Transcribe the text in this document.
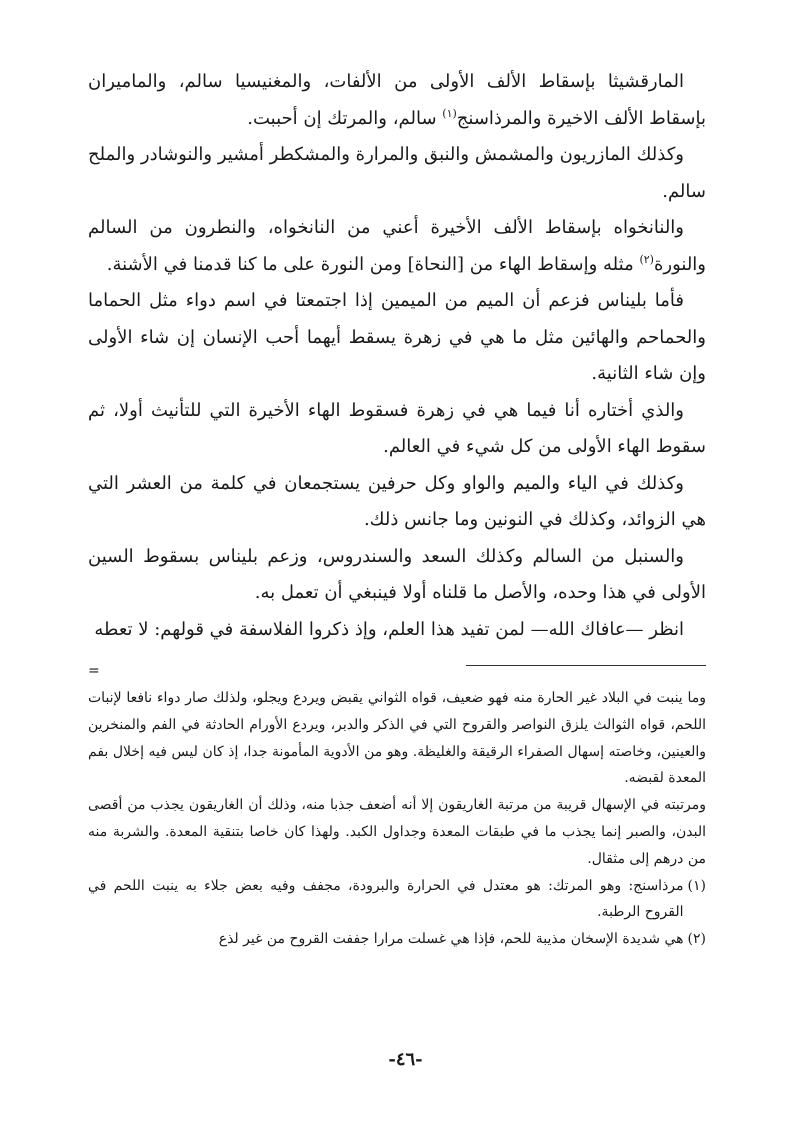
المارقشيثا بإسقاط الألف الأولى من الألفات، والمغنيسيا سالم، والماميران بإسقاط الألف الاخيرة والمرذاسنج$^{(١)}$ سالم، والمرتك إن أحببت.

وكذلك المازريون والمشمش والنبق والمرارة والمشكطر أمشير والنوشادر والملح سالم.

والنانخواه بإسقاط الألف الأخيرة أعني من النانخواه، والنطرون من السالم والنورة$^{(٢)}$ مثله وإسقاط الهاء من [النحاة] ومن النورة على ما كنا قدمنا في الأشنة.

فأما بليناس فزعم أن الميم من الميمين إذا اجتمعتا في اسم دواء مثل الحماما والحماحم والهائين مثل ما هي في زهرة يسقط أيهما أحب الإنسان إن شاء الأولى وإن شاء الثانية.

والذي أختاره أنا فيما هي في زهرة فسقوط الهاء الأخيرة التي للتأنيث أولا، ثم سقوط الهاء الأولى من كل شيء في العالم.

وكذلك في الياء والميم والواو وكل حرفين يستجمعان في كلمة من العشر التي هي الزوائد، وكذلك في النونين وما جانس ذلك.

والسنبل من السالم وكذلك السعد والسندروس، وزعم بليناس بسقوط السين الأولى في هذا وحده، والأصل ما قلناه أولا فينبغي أن تعمل به.

انظر —عافاك الله— لمن تفيد هذا العلم، وإذ ذكروا الفلاسفة في قولهم: لا تعطه

=

وما ينبت في البلاد غير الحارة منه فهو ضعيف، قواه الثواني يقبض ويردع ويجلو، ولذلك صار دواء نافعا لإنبات اللحم، قواه الثوالث يلزق النواصر والقروح التي في الذكر والدبر، ويردع الأورام الحادثة في الفم والمنخرين والعينين، وخاصته إسهال الصفراء الرقيقة والغليظة. وهو من الأدوية المأمونة جدا، إذ كان ليس فيه إخلال بفم المعدة لقبضه.

ومرتبته في الإسهال قريبة من مرتبة الغاريقون إلا أنه أضعف جذبا منه، وذلك أن الغاريقون يجذب من أقصى البدن، والصبر إنما يجذب ما في طبقات المعدة وجداول الكبد. ولهذا كان خاصا بتنقية المعدة. والشربة منه من درهم إلى مثقال.

(١)
مرذاسنج: وهو المرتك: هو معتدل في الحرارة والبرودة، مجفف وفيه بعض جلاء به ينبت اللحم في القروح الرطبة.
(٢)
هي شديدة الإسخان مذيبة للحم، فإذا هي غسلت مرارا جففت القروح من غير لذع
-٤٦-
